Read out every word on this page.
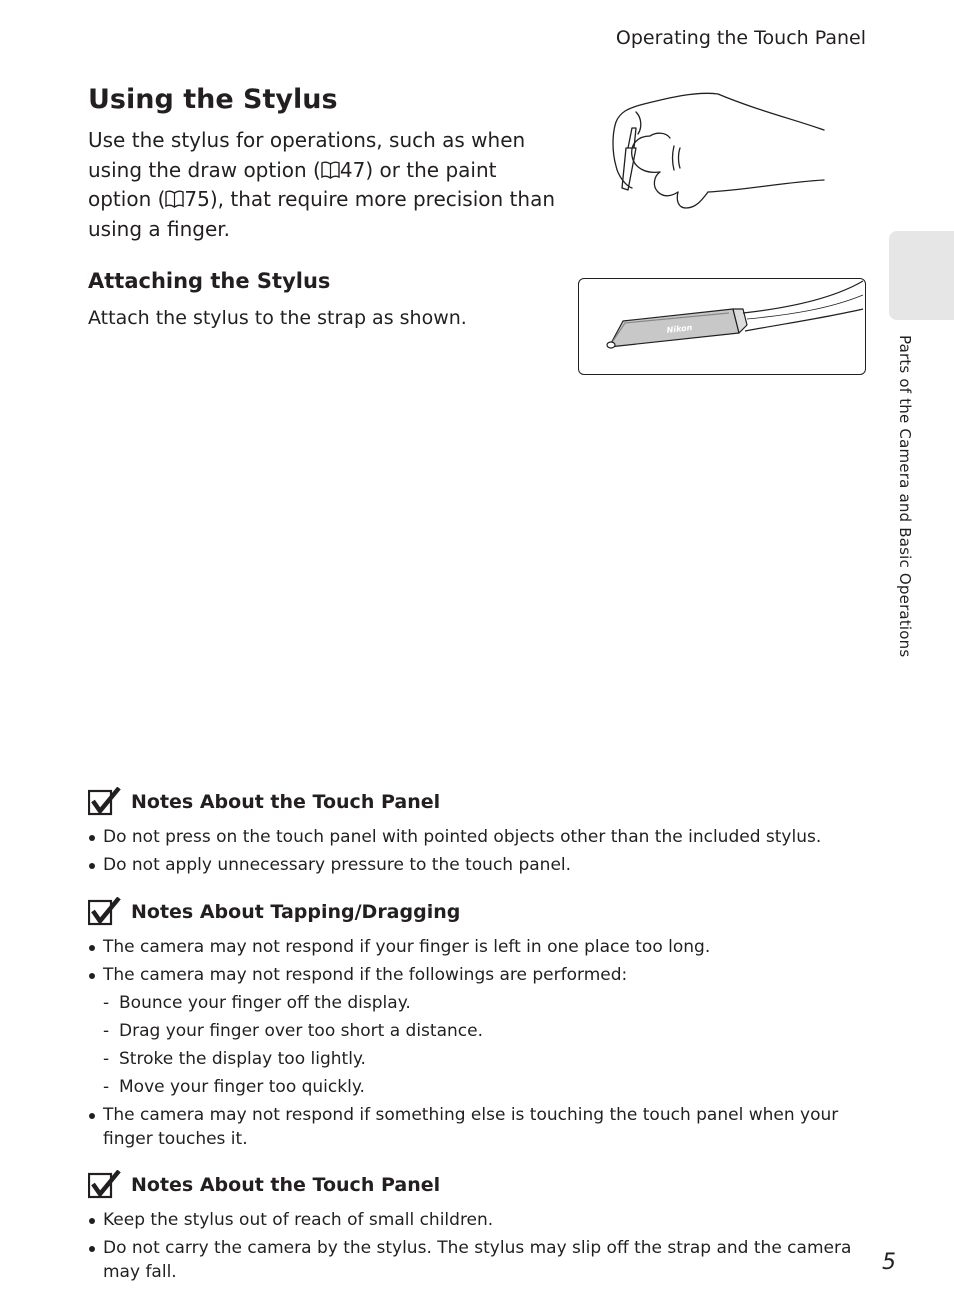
Operating the Touch Panel
Using the Stylus
Use the stylus for operations, such as when using the draw option ( 47) or the paint option ( 75), that require more precision than using a finger.
Attaching the Stylus
Attach the stylus to the strap as shown.	Nikon
Parts of the Camera and Basic Operations
Notes About the Touch Panel
Do not press on the touch panel with pointed objects other than the included stylus.
Do not apply unnecessary pressure to the touch panel.
Notes About Tapping/Dragging
The camera may not respond if your finger is left in one place too long.
The camera may not respond if the followings are performed:
- Bounce your finger off the display.
- Drag your finger over too short a distance.
- Stroke the display too lightly.
- Move your finger too quickly.
The camera may not respond if something else is touching the touch panel when your finger touches it.
Notes About the Touch Panel
Keep the stylus out of reach of small children.
Do not carry the camera by the stylus. The stylus may slip off the strap and the camera may fall.	5
